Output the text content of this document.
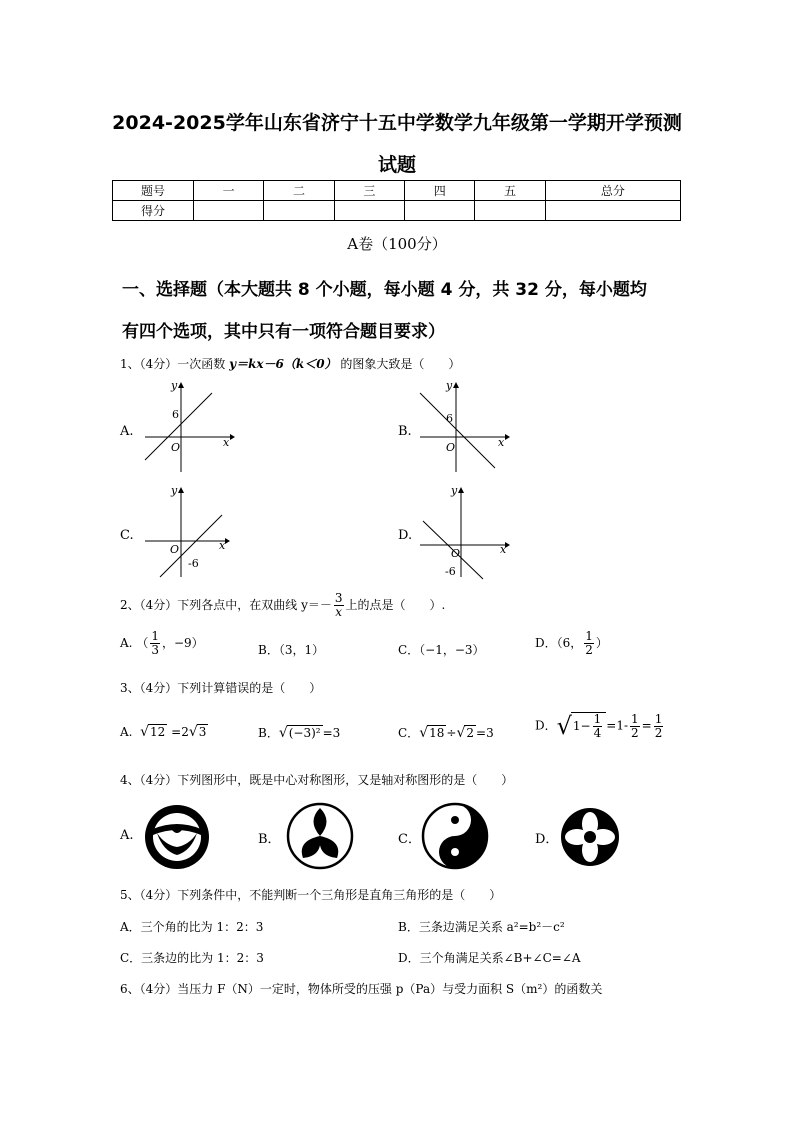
2024-2025学年山东省济宁十五中学数学九年级第一学期开学预测
试题
题号	一	二	三	四	五	总分
得分						
A卷（100分）
一、选择题（本大题共 8 个小题，每小题 4 分，共 32 分，每小题均
有四个选项，其中只有一项符合题目要求）
1、（4分）一次函数 y＝kx－6（k＜0） 的图象大致是（　　）
A.
y
x
O
6
B.
y
x
O
6
C.
y
x
O
-6
D.
y
x
O
-6
2、（4分）下列各点中，在双曲线 $y=- \frac{3}{x}$ 上的点是（　　）.
A. （ $\frac{1}{3}$ ，−9）	B．（3，1）	C．（−1，−3）	D．（6， $\frac{1}{2}$ ）
3、（4分）下列计算错误的是（　　）
A. √12 =2√3	B．√(−3)² =3	C．√18 ÷√2 =3
D．$√1- \frac{1}{4} =1- \frac{1}{2} = \frac{1}{2}$
4、（4分）下列图形中，既是中心对称图形，又是轴对称图形的是（　　）
A.	B．	C．	D．
5、（4分）下列条件中，不能判断一个三角形是直角三角形的是（　　）
A．三个角的比为 1：2：3	B．三条边满足关系 a²=b²－c²
C．三条边的比为 1：2：3	D．三个角满足关系∠B+∠C=∠A
6、（4分）当压力 F（N）一定时，物体所受的压强 p（Pa）与受力面积 S（m²）的函数关
